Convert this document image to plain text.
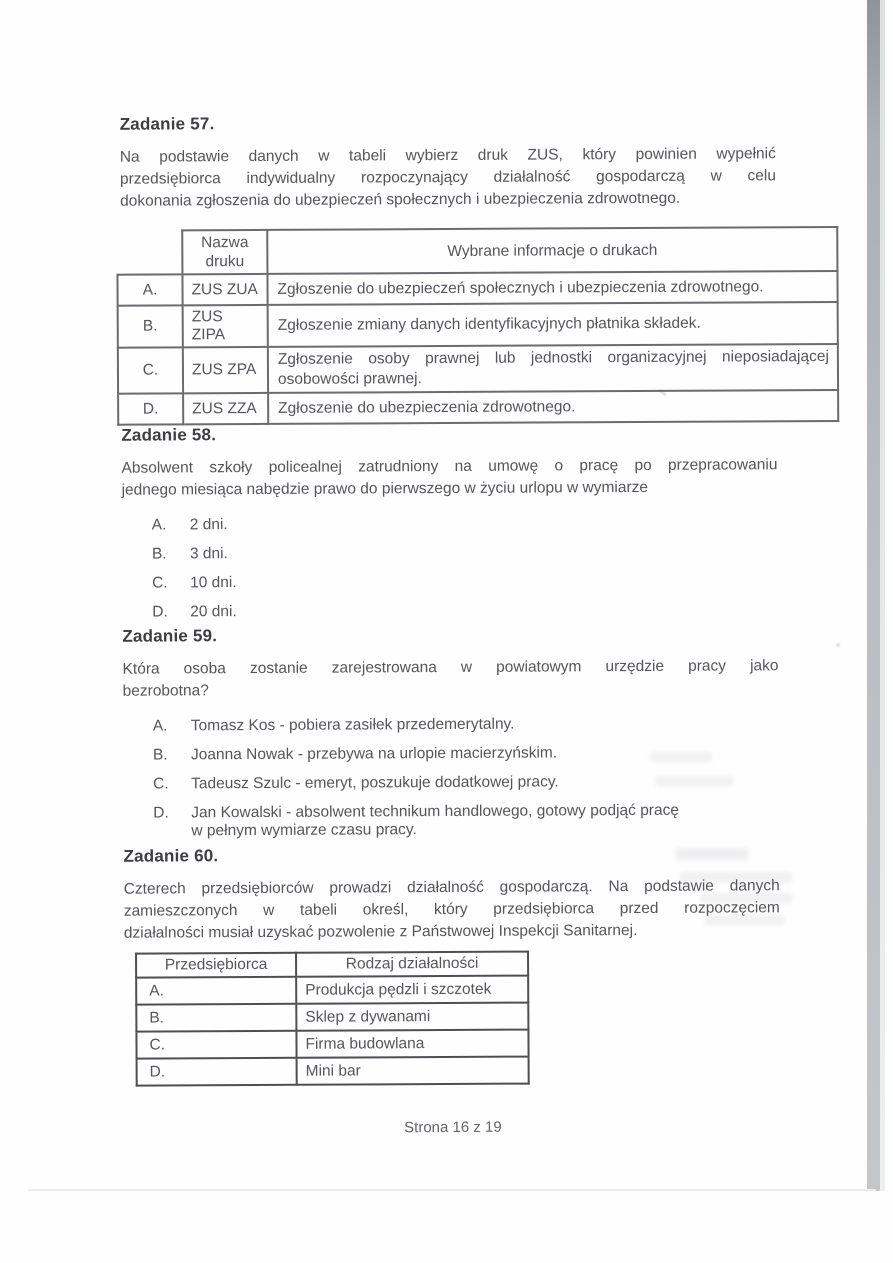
Zadanie 57.
Na podstawie danych w tabeli wybierz druk ZUS, który powinien wypełnić
przedsiębiorca indywidualny rozpoczynający działalność gospodarczą w celu
dokonania zgłoszenia do ubezpieczeń społecznych i ubezpieczenia zdrowotnego.
	Nazwa druku	Wybrane informacje o drukach
A.	ZUS ZUA	Zgłoszenie do ubezpieczeń społecznych i ubezpieczenia zdrowotnego.
B.	ZUS ZIPA	Zgłoszenie zmiany danych identyfikacyjnych płatnika składek.
C.	ZUS ZPA	Zgłoszenie osoby prawnej lub jednostki organizacyjnej nieposiadającej osobowości prawnej.
D.	ZUS ZZA	Zgłoszenie do ubezpieczenia zdrowotnego.
Zadanie 58.
Absolwent szkoły policealnej zatrudniony na umowę o pracę po przepracowaniu
jednego miesiąca nabędzie prawo do pierwszego w życiu urlopu w wymiarze
A.	2 dni.
B.	3 dni.
C.	10 dni.
D.	20 dni.
Zadanie 59.
Która osoba zostanie zarejestrowana w powiatowym urzędzie pracy jako
bezrobotna?
A.	Tomasz Kos - pobiera zasiłek przedemerytalny.
B.	Joanna Nowak - przebywa na urlopie macierzyńskim.
C.	Tadeusz Szulc - emeryt, poszukuje dodatkowej pracy.
D.	Jan Kowalski - absolwent technikum handlowego, gotowy podjąć pracę
w pełnym wymiarze czasu pracy.
Zadanie 60.
Czterech przedsiębiorców prowadzi działalność gospodarczą. Na podstawie danych
zamieszczonych w tabeli określ, który przedsiębiorca przed rozpoczęciem
działalności musiał uzyskać pozwolenie z Państwowej Inspekcji Sanitarnej.
Przedsiębiorca	Rodzaj działalności
A.	Produkcja pędzli i szczotek
B.	Sklep z dywanami
C.	Firma budowlana
D.	Mini bar
Strona 16 z 19
